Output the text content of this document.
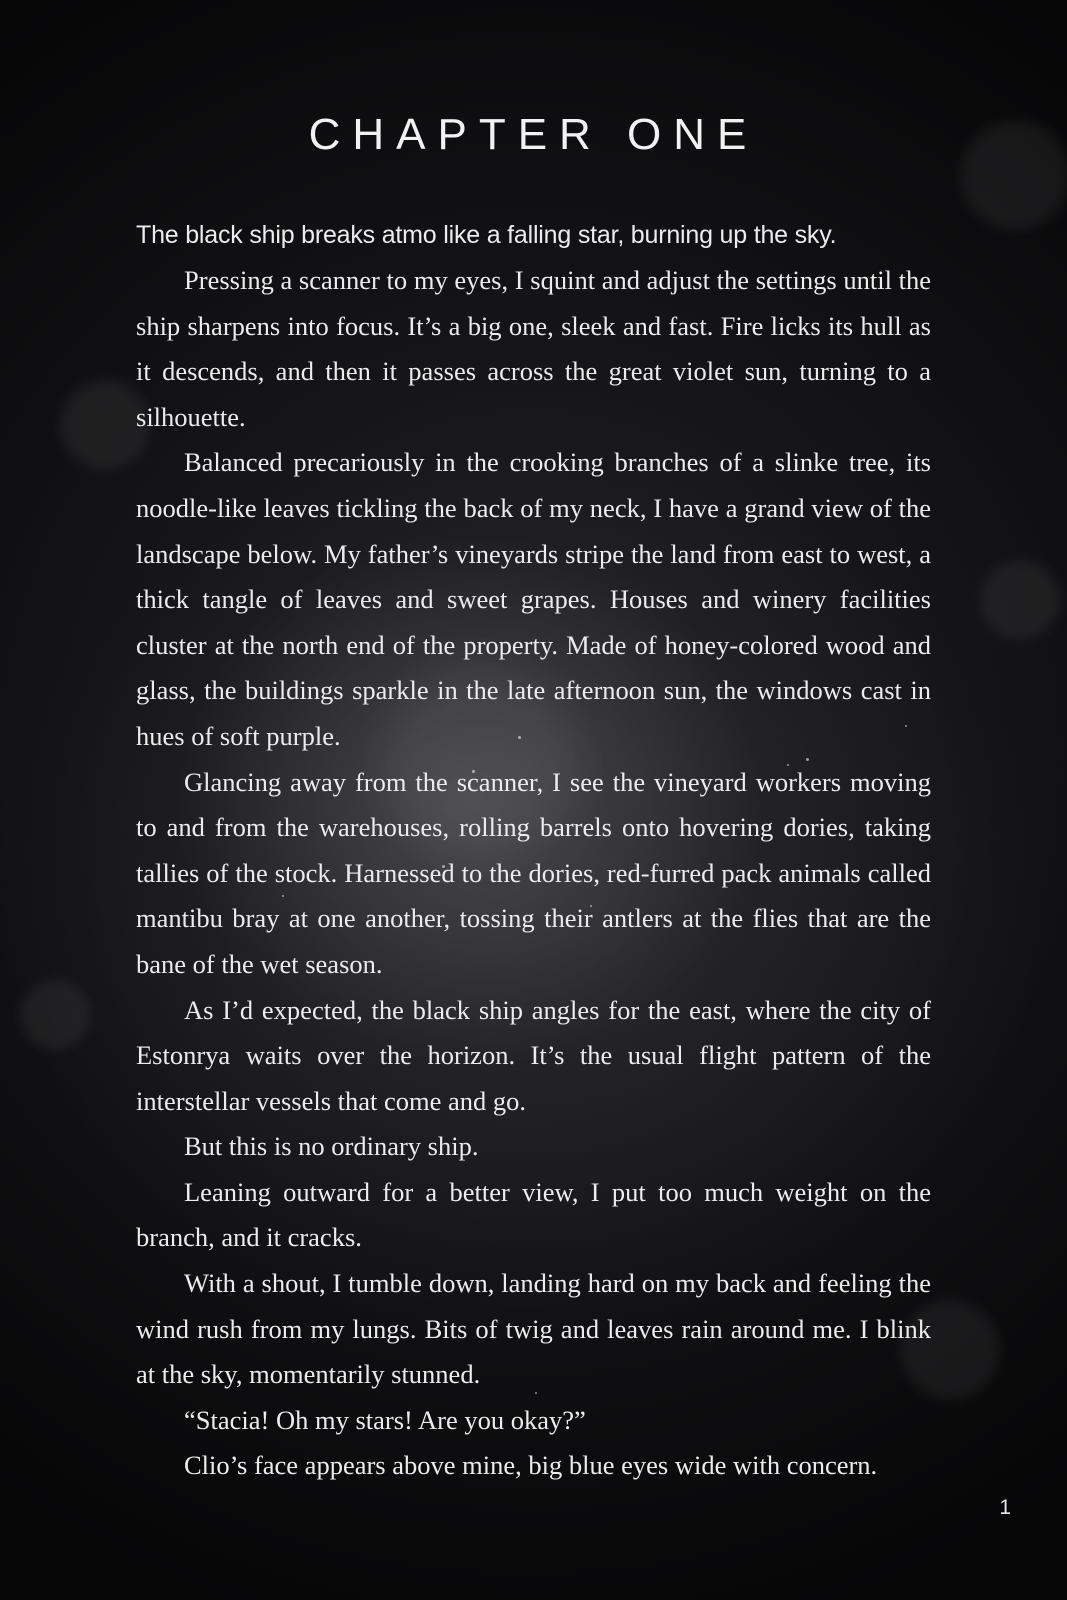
CHAPTER ONE

The black ship breaks atmo like a falling star, burning up the sky.

Pressing a scanner to my eyes, I squint and adjust the settings until the ship sharpens into focus. It’s a big one, sleek and fast. Fire licks its hull as it descends, and then it passes across the great violet sun, turning to a silhouette.

Balanced precariously in the crooking branches of a slinke tree, its noodle-like leaves tickling the back of my neck, I have a grand view of the landscape below. My father’s vineyards stripe the land from east to west, a thick tangle of leaves and sweet grapes. Houses and winery facilities cluster at the north end of the property. Made of honey-colored wood and glass, the buildings sparkle in the late afternoon sun, the windows cast in hues of soft purple.

Glancing away from the scanner, I see the vineyard workers moving to and from the warehouses, rolling barrels onto hovering dories, taking tallies of the stock. Harnessed to the dories, red-furred pack animals called mantibu bray at one another, tossing their antlers at the flies that are the bane of the wet season.

As I’d expected, the black ship angles for the east, where the city of Estonrya waits over the horizon. It’s the usual flight pattern of the interstellar vessels that come and go.

But this is no ordinary ship.

Leaning outward for a better view, I put too much weight on the branch, and it cracks.

With a shout, I tumble down, landing hard on my back and feeling the wind rush from my lungs. Bits of twig and leaves rain around me. I blink at the sky, momentarily stunned.

“Stacia! Oh my stars! Are you okay?”

Clio’s face appears above mine, big blue eyes wide with concern.

1
